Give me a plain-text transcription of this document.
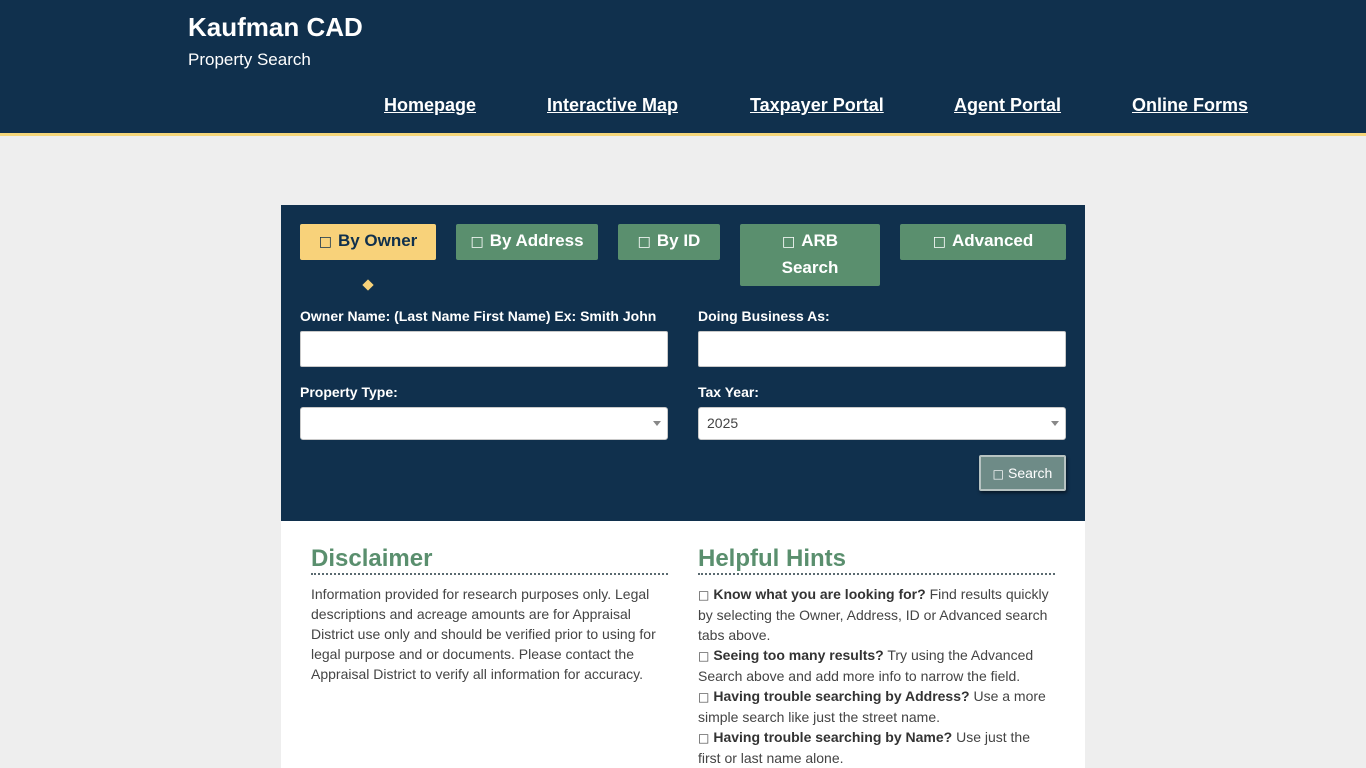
Kaufman CAD
Property Search
Homepage	Interactive Map	Taxpayer Portal	Agent Portal	Online Forms
□ By Owner	□ By Address	□ By ID	□ ARB
Search
□ Advanced
Owner Name: (Last Name First Name) Ex: Smith John	Doing Business As:
Property Type:	Tax Year:
2025
□ Search
Disclaimer
Information provided for research purposes only. Legal descriptions and acreage amounts are for Appraisal District use only and should be verified prior to using for legal purpose and or documents. Please contact the Appraisal District to verify all information for accuracy.
Helpful Hints
□ Know what you are looking for? Find results quickly by selecting the Owner, Address, ID or Advanced search tabs above.
□ Seeing too many results? Try using the Advanced Search above and add more info to narrow the field.
□ Having trouble searching by Address? Use a more simple search like just the street name.
□ Having trouble searching by Name? Use just the first or last name alone.
